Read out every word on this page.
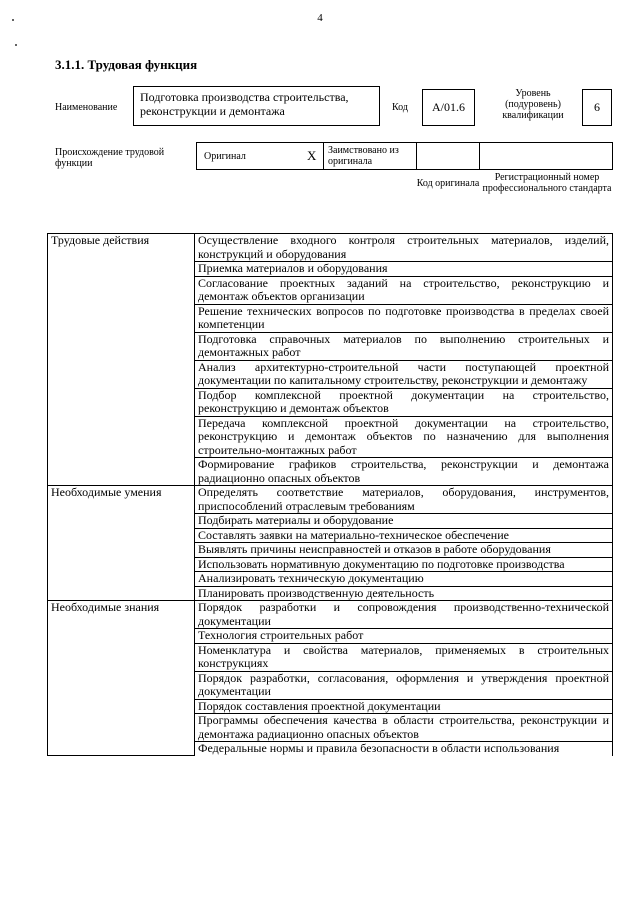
4
3.1.1. Трудовая функция
Наименование
Подготовка производства строительства, реконструкции и демонтажа	Код	А/01.6
Уровень (подуровень) квалификации
6
Происхождение трудовой функции
Оригинал	X Заимствовано из оригинала
Код оригинала
Регистрационный номер профессионального стандарта
Трудовые действия	Осуществление входного контроля строительных материалов, изделий, конструкций и оборудования
	Приемка материалов и оборудования
	Согласование проектных заданий на строительство, реконструкцию и демонтаж объектов организации
	Решение технических вопросов по подготовке производства в пределах своей компетенции
	Подготовка справочных материалов по выполнению строительных и демонтажных работ
	Анализ архитектурно-строительной части поступающей проектной документации по капитальному строительству, реконструкции и демонтажу
	Подбор комплексной проектной документации на строительство, реконструкцию и демонтаж объектов
	Передача комплексной проектной документации на строительство, реконструкцию и демонтаж объектов по назначению для выполнения строительно-монтажных работ
	Формирование графиков строительства, реконструкции и демонтажа радиационно опасных объектов
Необходимые умения	Определять соответствие материалов, оборудования, инструментов, приспособлений отраслевым требованиям
	Подбирать материалы и оборудование
	Составлять заявки на материально-техническое обеспечение
	Выявлять причины неисправностей и отказов в работе оборудования
	Использовать нормативную документацию по подготовке производства
	Анализировать техническую документацию
	Планировать производственную деятельность
Необходимые знания	Порядок разработки и сопровождения производственно-технической документации
	Технология строительных работ
	Номенклатура и свойства материалов, применяемых в строительных конструкциях
	Порядок разработки, согласования, оформления и утверждения проектной документации
	Порядок составления проектной документации
	Программы обеспечения качества в области строительства, реконструкции и демонтажа радиационно опасных объектов
	Федеральные нормы и правила безопасности в области использования
